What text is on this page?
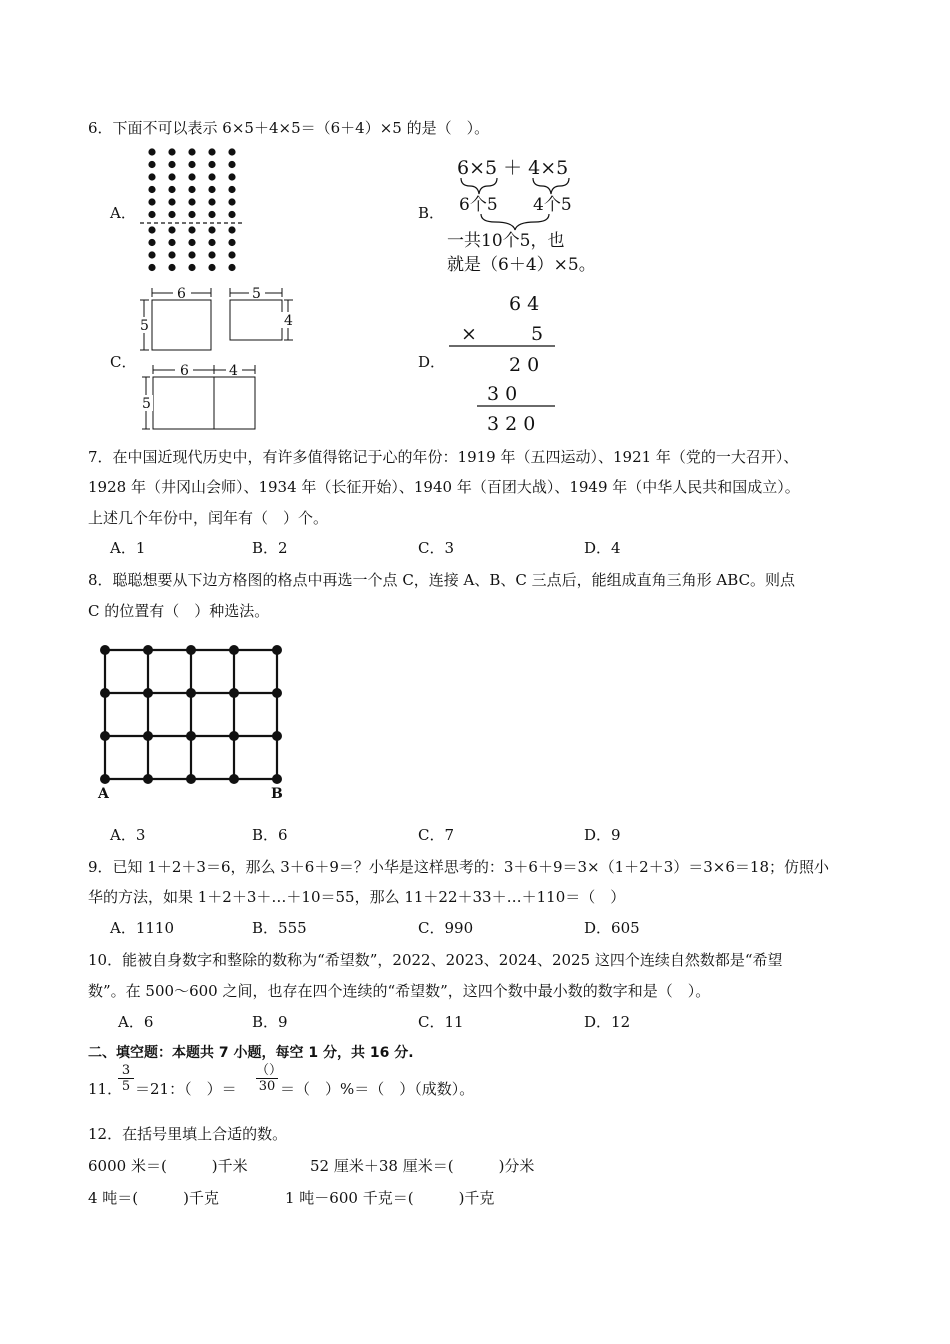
6．下面不可以表示 6×5＋4×5＝（6＋4）×5 的是（　）。
A．	B．
6×5 ＋ 4×5
6个5 4个5
一共10个5，也
就是（6＋4）×5。
C．
6	5
5	4
6	4
5
D．
6 4
×	5
2 0
3 0
3 2 0
7．在中国近现代历史中，有许多值得铭记于心的年份：1919 年（五四运动）、1921 年（党的一大召开）、
1928 年（井冈山会师）、1934 年（长征开始）、1940 年（百团大战）、1949 年（中华人民共和国成立）。
上述几个年份中，闰年有（　）个。
A．1	B．2	C．3	D．4
8．聪聪想要从下边方格图的格点中再选一个点 C，连接 A、B、C 三点后，能组成直角三角形 ABC。则点
C 的位置有（　）种选法。
A	B
A．3	B．6	C．7	D．9
9．已知 1＋2＋3＝6，那么 3＋6＋9＝？小华是这样思考的：3＋6＋9＝3×（1＋2＋3）＝3×6＝18；仿照小
华的方法，如果 1＋2＋3＋…＋10＝55，那么 11＋22＋33＋…＋110＝（　）
A．1110	B．555	C．990	D．605
10．能被自身数字和整除的数称为“希望数”，2022、2023、2024、2025 这四个连续自然数都是“希望
数”。在 500～600 之间，也存在四个连续的“希望数”，这四个数中最小数的数字和是（　）。
A．6	B．9	C．11	D．12
二、填空题：本题共 7 小题，每空 1 分，共 16 分.
11．
$\frac{3}{5} =21$：（　）＝
（）
30 ＝（　）%＝（　）（成数）。
12．在括号里填上合适的数。
6000 米＝(　　　)千米	52 厘米＋38 厘米＝(　　　)分米
4 吨＝(　　　)千克	1 吨－600 千克＝(　　　)千克
